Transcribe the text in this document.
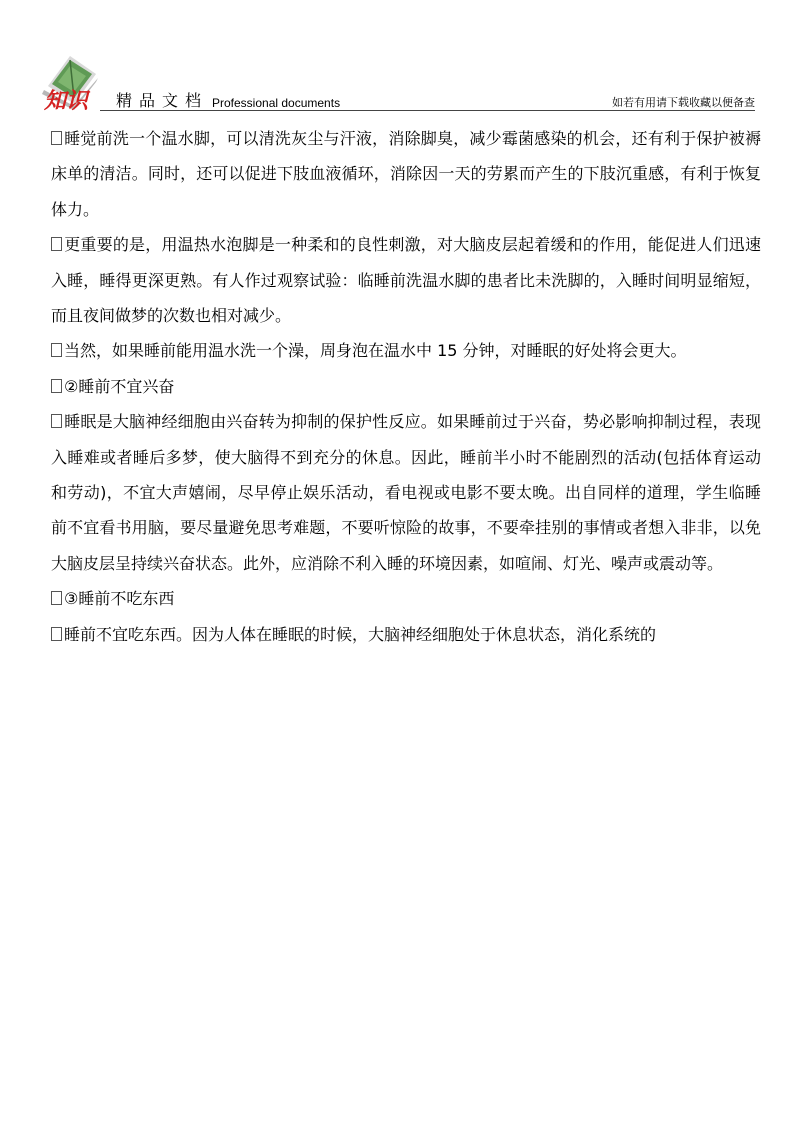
知识 精品文档 Professional documents	如若有用请下载收藏以便备查

睡觉前洗一个温水脚，可以清洗灰尘与汗液，消除脚臭，减少霉菌感染的机会，还有利于保护被褥床单的清洁。同时，还可以促进下肢血液循环，消除因一天的劳累而产生的下肢沉重感，有利于恢复体力。

更重要的是，用温热水泡脚是一种柔和的良性刺激，对大脑皮层起着缓和的作用，能促进人们迅速入睡，睡得更深更熟。有人作过观察试验：临睡前洗温水脚的患者比未洗脚的，入睡时间明显缩短，而且夜间做梦的次数也相对减少。

当然，如果睡前能用温水洗一个澡，周身泡在温水中 15 分钟，对睡眠的好处将会更大。

②睡前不宜兴奋

睡眠是大脑神经细胞由兴奋转为抑制的保护性反应。如果睡前过于兴奋，势必影响抑制过程，表现入睡难或者睡后多梦，使大脑得不到充分的休息。因此，睡前半小时不能剧烈的活动(包括体育运动和劳动)，不宜大声嬉闹，尽早停止娱乐活动，看电视或电影不要太晚。出自同样的道理，学生临睡前不宜看书用脑，要尽量避免思考难题，不要听惊险的故事，不要牵挂别的事情或者想入非非，以免大脑皮层呈持续兴奋状态。此外，应消除不利入睡的环境因素，如喧闹、灯光、噪声或震动等。

③睡前不吃东西

睡前不宜吃东西。因为人体在睡眠的时候，大脑神经细胞处于休息状态，消化系统的
